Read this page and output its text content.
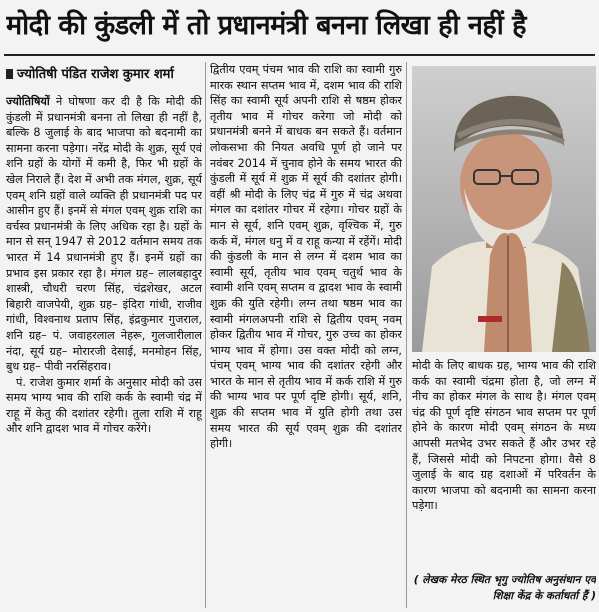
मोदी की कुंडली में तो प्रधानमंत्री बनना लिखा ही नहीं है
ज्योतिषी पंडित राजेश कुमार शर्मा

ज्योतिषियों ने घोषणा कर दी है कि मोदी की कुंडली में प्रधानमंत्री बनना तो लिखा ही नहीं है, बल्कि 8 जुलाई के बाद भाजपा को बदनामी का सामना करना पड़ेगा। नरेंद्र मोदी के शुक्र, सूर्य एवं शनि ग्रहों के योगों में कमी है, फिर भी ग्रहों के खेल निराले हैं। देश में अभी तक मंगल, शुक्र, सूर्य एवम् शनि ग्रहों वाले व्यक्ति ही प्रधानमंत्री पद पर आसीन हुए हैं। इनमें से मंगल एवम् शुक्र राशि का वर्चस्व प्रधानमंत्री के लिए अधिक रहा है। ग्रहों के मान से सन् 1947 से 2012 वर्तमान समय तक भारत में 14 प्रधानमंत्री हुए हैं। इनमें ग्रहों का प्रभाव इस प्रकार रहा है। मंगल ग्रह– लालबहादुर शास्त्री, चौधरी चरण सिंह, चंद्रशेखर, अटल बिहारी वाजपेयी, शुक्र ग्रह– इंदिरा गांधी, राजीव गांधी, विश्वनाथ प्रताप सिंह, इंद्रकुमार गुजराल, शनि ग्रह– पं. जवाहरलाल नेहरू, गुलजारीलाल नंदा, सूर्य ग्रह– मोरारजी देसाई, मनमोहन सिंह, बुध ग्रह– पीवी नरसिंहराव।

पं. राजेश कुमार शर्मा के अनुसार मोदी को उस समय भाग्य भाव की राशि कर्क के स्वामी चंद्र में राहू में केतु की दशांतर रहेगी। तुला राशि में राहू और शनि द्वादश भाव में गोचर करेंगे।

द्वितीय एवम् पंचम भाव की राशि का स्वामी गुरु मारक स्थान सप्तम भाव में, दशम भाव की राशि सिंह का स्वामी सूर्य अपनी राशि से षष्ठम होकर तृतीय भाव में गोचर करेगा जो मोदी को प्रधानमंत्री बनने में बाधक बन सकते हैं। वर्तमान लोकसभा की नियत अवधि पूर्ण हो जाने पर नवंबर 2014 में चुनाव होने के समय भारत की कुंडली में सूर्य में शुक्र में सूर्य की दशांतर होगी। वहीं श्री मोदी के लिए चंद्र में गुरु में चंद्र अथवा मंगल का दशांतर गोचर में रहेगा। गोचर ग्रहों के मान से सूर्य, शनि एवम् शुक्र, वृश्चिक में, गुरु कर्क में, मंगल धनु में व राहू कन्या में रहेंगें। मोदी की कुंडली के मान से लग्न में दशम भाव का स्वामी सूर्य, तृतीय भाव एवम् चतुर्थ भाव के स्वामी शनि एवम् सप्तम व द्वादश भाव के स्वामी शुक्र की युति रहेगी। लग्न तथा षष्ठम भाव का स्वामी मंगलअपनी राशि से द्वितीय एवम् नवम् होकर द्वितीय भाव में गोचर, गुरु उच्च का होकर भाग्य भाव में होगा। उस वक्त मोदी को लग्न, पंचम् एवम् भाग्य भाव की दशांतर रहेगी और भारत के मान से तृतीय भाव में कर्क राशि में गुरु की भाग्य भाव पर पूर्ण दृष्टि होगी। सूर्य, शनि, शुक्र की सप्तम भाव में युति होगी तथा उस समय भारत की सूर्य एवम् शुक्र की दशांतर होगी।

मोदी के लिए बाधक ग्रह, भाग्य भाव की राशि कर्क का स्वामी चंद्रमा होता है, जो लग्न में नीच का होकर मंगल के साथ है। मंगल एवम् चंद्र की पूर्ण दृष्टि संगठन भाव सप्तम पर पूर्ण होने के कारण मोदी एवम् संगठन के मध्य आपसी मतभेद उभर सकते हैं और उभर रहे हैं, जिससे मोदी को निपटना होगा। वैसे 8 जुलाई के बाद ग्रह दशाओं में परिवर्तन के कारण भाजपा को बदनामी का सामना करना पड़ेगा।

( लेखक मेरठ स्थित भृगु ज्योतिष अनुसंधान एवं शिक्षा केंद्र के कर्ताधर्ता हैं )
